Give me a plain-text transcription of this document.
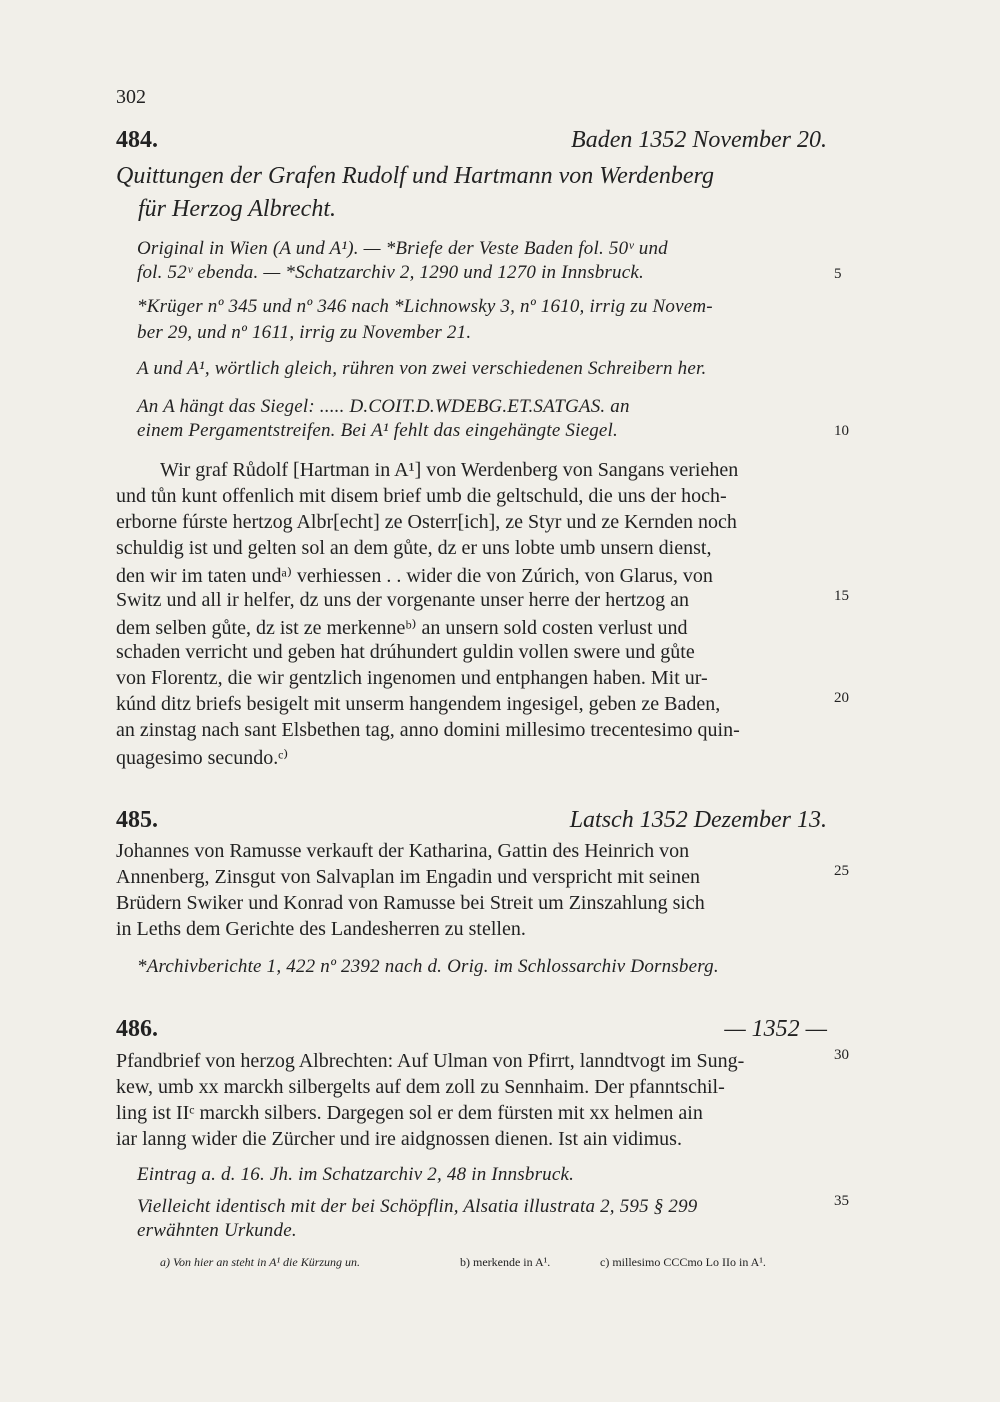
302
484.	Baden 1352 November 20.
Quittungen der Grafen Rudolf und Hartmann von Werdenberg
für Herzog Albrecht.
Original in Wien (A und A¹). — *Briefe der Veste Baden fol. 50ᵛ und
fol. 52ᵛ ebenda. — *Schatzarchiv 2, 1290 und 1270 in Innsbruck.
*Krüger nº 345 und nº 346 nach *Lichnowsky 3, nº 1610, irrig zu Novem-
ber 29, und nº 1611, irrig zu November 21.
A und A¹, wörtlich gleich, rühren von zwei verschiedenen Schreibern her.
An A hängt das Siegel: ..... D.COIT.D.WDEBG.ET.SATGAS. an
einem Pergamentstreifen. Bei A¹ fehlt das eingehängte Siegel.
Wir graf Růdolf [Hartman in A¹] von Werdenberg von Sangans veriehen
und tůn kunt offenlich mit disem brief umb die geltschuld, die uns der hoch-
erborne fúrste hertzog Albr[echt] ze Osterr[ich], ze Styr und ze Kernden noch
schuldig ist und gelten sol an dem gůte, dz er uns lobte umb unsern dienst,
den wir im taten undᵃ⁾ verhiessen . . wider die von Zúrich, von Glarus, von
Switz und all ir helfer, dz uns der vorgenante unser herre der hertzog an
dem selben gůte, dz ist ze merkenneᵇ⁾ an unsern sold costen verlust und
schaden verricht und geben hat drúhundert guldin vollen swere und gůte
von Florentz, die wir gentzlich ingenomen und entphangen haben. Mit ur-
kúnd ditz briefs besigelt mit unserm hangendem ingesigel, geben ze Baden,
an zinstag nach sant Elsbethen tag, anno domini millesimo trecentesimo quin-
quagesimo secundo.ᶜ⁾
485.	Latsch 1352 Dezember 13.
Johannes von Ramusse verkauft der Katharina, Gattin des Heinrich von
Annenberg, Zinsgut von Salvaplan im Engadin und verspricht mit seinen
Brüdern Swiker und Konrad von Ramusse bei Streit um Zinszahlung sich
in Leths dem Gerichte des Landesherren zu stellen.
*Archivberichte 1, 422 nº 2392 nach d. Orig. im Schlossarchiv Dornsberg.
486.	— 1352 —
Pfandbrief von herzog Albrechten: Auf Ulman von Pfirrt, lanndtvogt im Sung-
kew, umb xx marckh silbergelts auf dem zoll zu Sennhaim. Der pfanntschil-
ling ist IIᶜ marckh silbers. Dargegen sol er dem fürsten mit xx helmen ain
iar lanng wider die Zürcher und ire aidgnossen dienen. Ist ain vidimus.
Eintrag a. d. 16. Jh. im Schatzarchiv 2, 48 in Innsbruck.
Vielleicht identisch mit der bei Schöpflin, Alsatia illustrata 2, 595 § 299
erwähnten Urkunde.
5
10
15
20
25
30
35
a) Von hier an steht in A¹ die Kürzung un.	b) merkende in A¹.	c) millesimo CCCmo Lo IIo in A¹.
